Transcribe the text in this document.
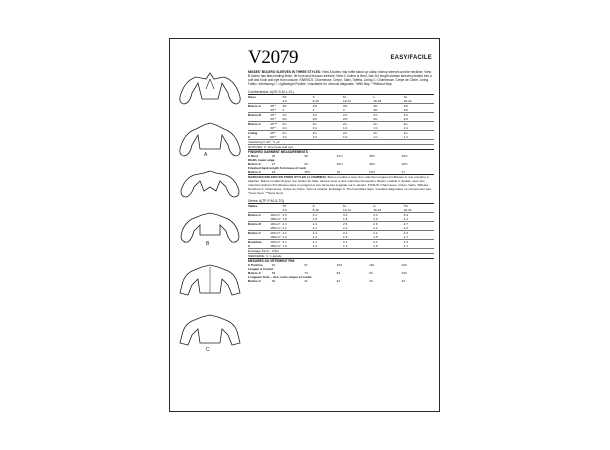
A
B
C
V2079	EASY/FACILE
MISSES' BOLERO SLEEVES IN THREE STYLES: View A bolero has ruffle stand up collar, bishop sleeves and tie neckline. View B bolero has bias binding finish, tie front and blouson sleeves. View C bolero is lined, has 3/4 length dolman sleeves pleated into a cuff and hook and eye front closure. FABRICS: Charmeuse, Crepe, Satin, Taffeta. Lining C: Charmeuse, Crepe de Chine. Lining Fabric: Interfacing C: Lightweight Fusible. Unsuitable for obvious diagonals. *With Nap. **Without Nap.
Combinations: A(XS-S-M-L-XL)
Sizes		XS	S	M	L	XL
		4-6	8-10	12-14	16-18	20-22
Bolero A	45"*	3⅜	3⅜	3⅜	3⅜	3⅜
	60"*	2	2	2	2⅜	2⅜
Bolero B	45"*	2⅝	2⅝	2⅝	2⅝	2⅝
	60"*	2⅜	2⅜	2⅜	2⅜	2⅜
Bolero C	45"**	2¼	2¼	2¼	2¼	2¼
	60"*	1⅝	1⅝	1⅝	1⅞	1⅞
Lining	45"*	2¼	2¼	2¼	2¼	2¼
C	60"*	1⅝	1⅝	1⅝	1⅞	1⅞
Interfacing C 20", ½ yd
NOTIONS: C: One hook and eye.
FINISHED GARMENT MEASUREMENTS
C Bust	36	38	41½	45½	49½
Width, lower edge					
Bolero C	27	29	32½	36½	40½
Finished back length from base of neck					
Bolero C	15	15½	16	16½	17
MANCHES BOLERO EN TROIS STYLES (J. FEMMES): Bolero modèle A avec des manches longues bouffantes et une encolure à attacher. Bolero modèle B avec une finition de biais, devant noué et des manches blousantes. Bolero modèle C doublé, avec des manches dolman 3/4 plissées dans un poignet et une fermeture à agrafe sur le devant. TISSUS: Charmeuse, Crêpe, Satin, Taffetas. Doublure C: Charmeuse, Crêpe de Chine. Tissu à doubler. Entoilage C: Thermocollant léger. Grandes diagonales ne conviennent pas. *Avec Sens. **Sans Sens.
Séries: A(TP-P-M-G-TG)
Tailles		TP	P	M	G	TG
		4-6	8-10	12-14	16-18	20-22
Boléro A	115cm*	3.0	3.1	3.3	3.3	3.4
	150cm*	1.8	1.8	1.8	2.0	2.1
Boléro B	115cm*	2.4	2.4	2.5	2.6	2.7
	150cm*	2.1	2.1	2.1	2.2	2.2
Boléro C	115cm*	2.1	2.1	2.1	2.1	2.3
	150cm*	1.3	1.4	1.5	1.5	1.7
Doublure	115cm*	2.1	2.1	2.1	2.1	2.3
C	150cm*	1.0	1.0	1.3	1.5	1.7
Entoilage 51cm - 0,5m
MERCERIE: C: 1 agrafe.
MESURES DU VÊTEMENT FINI
C Poitrine	91	97	103	116	126
Largeur à l'ourlet					
Boléro C	69	74	83	93	103
Longueur finie – dos, votre nuque à l'ourlet					
Boléro C	40	41	42	43	44
